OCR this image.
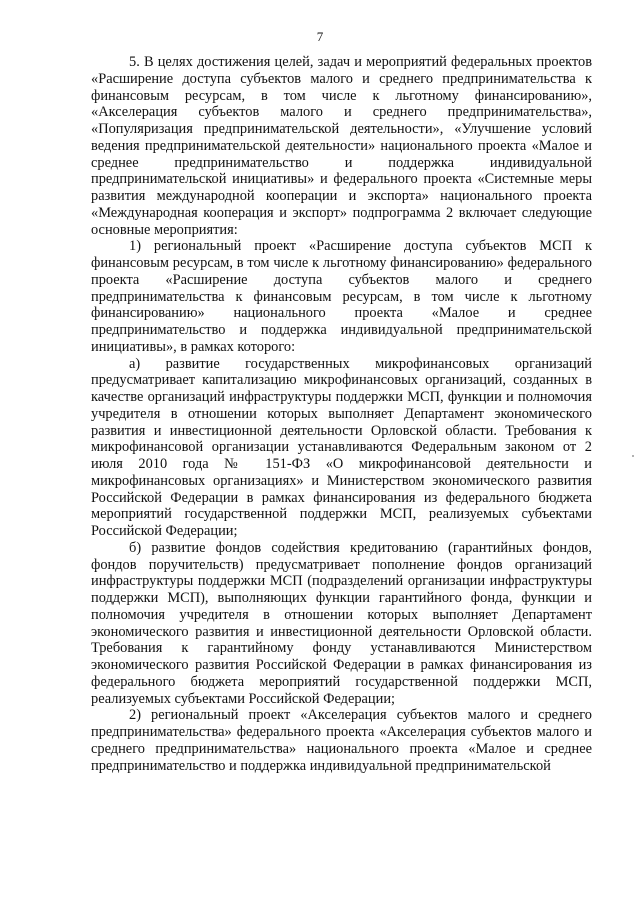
7

5. В целях достижения целей, задач и мероприятий федеральных проектов «Расширение доступа субъектов малого и среднего предпринимательства к финансовым ресурсам, в том числе к льготному финансированию», «Акселерация субъектов малого и среднего предпринимательства», «Популяризация предпринимательской деятельности», «Улучшение условий ведения предпринимательской деятельности» национального проекта «Малое и среднее предпринимательство и поддержка индивидуальной предпринимательской инициативы» и федерального проекта «Системные меры развития международной кооперации и экспорта» национального проекта «Международная кооперация и экспорт» подпрограмма 2 включает следующие основные мероприятия:

1) региональный проект «Расширение доступа субъектов МСП к финансовым ресурсам, в том числе к льготному финансированию» федерального проекта «Расширение доступа субъектов малого и среднего предпринимательства к финансовым ресурсам, в том числе к льготному финансированию» национального проекта «Малое и среднее предпринимательство и поддержка индивидуальной предпринимательской инициативы», в рамках которого:

а) развитие государственных микрофинансовых организаций предусматривает капитализацию микрофинансовых организаций, созданных в качестве организаций инфраструктуры поддержки МСП, функции и полномочия учредителя в отношении которых выполняет Департамент экономического развития и инвестиционной деятельности Орловской области. Требования к микрофинансовой организации устанавливаются Федеральным законом от 2 июля 2010 года № 151-ФЗ «О микрофинансовой деятельности и микрофинансовых организациях» и Министерством экономического развития Российской Федерации в рамках финансирования из федерального бюджета мероприятий государственной поддержки МСП, реализуемых субъектами Российской Федерации;

б) развитие фондов содействия кредитованию (гарантийных фондов, фондов поручительств) предусматривает пополнение фондов организаций инфраструктуры поддержки МСП (подразделений организации инфраструктуры поддержки МСП), выполняющих функции гарантийного фонда, функции и полномочия учредителя в отношении которых выполняет Департамент экономического развития и инвестиционной деятельности Орловской области. Требования к гарантийному фонду устанавливаются Министерством экономического развития Российской Федерации в рамках финансирования из федерального бюджета мероприятий государственной поддержки МСП, реализуемых субъектами Российской Федерации;

2) региональный проект «Акселерация субъектов малого и среднего предпринимательства» федерального проекта «Акселерация субъектов малого и среднего предпринимательства» национального проекта «Малое и среднее предпринимательство и поддержка индивидуальной предпринимательской
